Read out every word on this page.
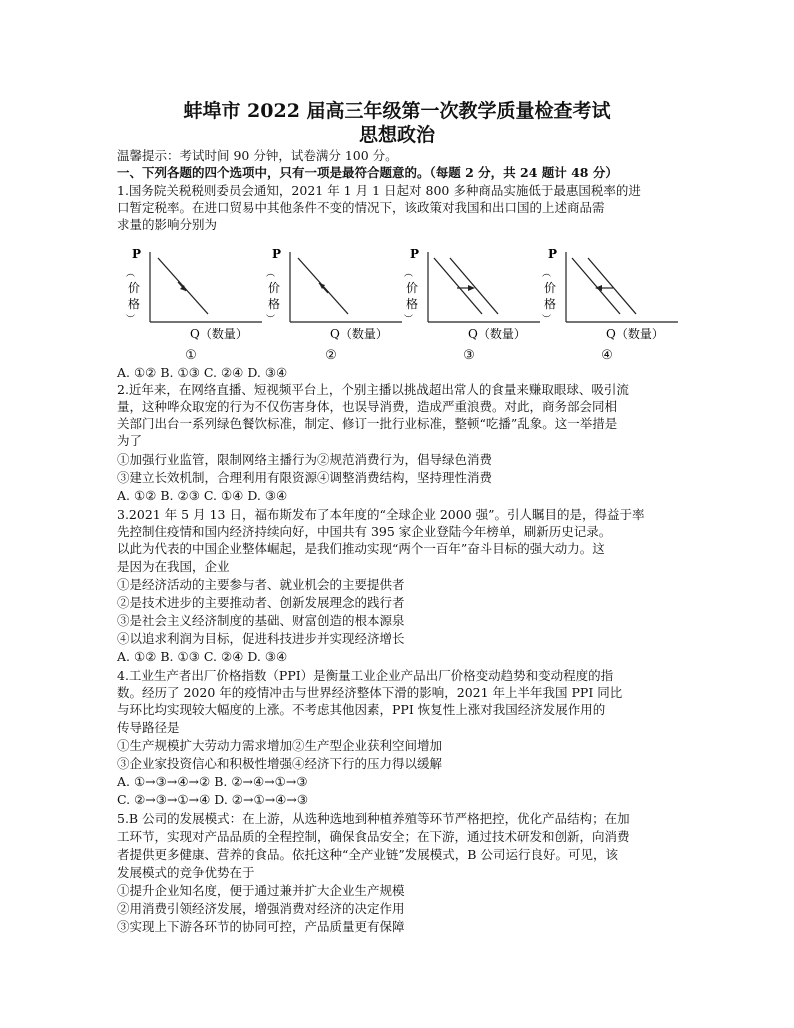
蚌埠市 2022 届高三年级第一次教学质量检查考试
思想政治
温馨提示：考试时间 90 分钟，试卷满分 100 分。
一、下列各题的四个选项中，只有一项是最符合题意的。（每题 2 分，共 24 题计 48 分）
1.国务院关税税则委员会通知，2021 年 1 月 1 日起对 800 多种商品实施低于最惠国税率的进
口暂定税率。在进口贸易中其他条件不变的情况下，该政策对我国和出口国的上述商品需
求量的影响分别为
P
︵
价
格
︶
Q（数量）
P
︵
价
格
︶
Q（数量）
P
︵
价
格
︶
Q（数量）
P
︵
价
格
︶
Q（数量）
①	②	③	④
A. ①② B. ①③ C. ②④ D. ③④
2.近年来，在网络直播、短视频平台上，个别主播以挑战超出常人的食量来赚取眼球、吸引流
量，这种哗众取宠的行为不仅伤害身体，也误导消费，造成严重浪费。对此，商务部会同相
关部门出台一系列绿色餐饮标准，制定、修订一批行业标准，整顿“吃播”乱象。这一举措是
为了
①加强行业监管，限制网络主播行为②规范消费行为，倡导绿色消费
③建立长效机制，合理利用有限资源④调整消费结构，坚持理性消费
A. ①② B. ②③ C. ①④ D. ③④
3.2021 年 5 月 13 日，福布斯发布了本年度的“全球企业 2000 强”。引人瞩目的是，得益于率
先控制住疫情和国内经济持续向好，中国共有 395 家企业登陆今年榜单，刷新历史记录。
以此为代表的中国企业整体崛起，是我们推动实现“两个一百年”奋斗目标的强大动力。这
是因为在我国，企业
①是经济活动的主要参与者、就业机会的主要提供者
②是技术进步的主要推动者、创新发展理念的践行者
③是社会主义经济制度的基础、财富创造的根本源泉
④以追求利润为目标，促进科技进步并实现经济增长
A. ①② B. ①③ C. ②④ D. ③④
4.工业生产者出厂价格指数（PPI）是衡量工业企业产品出厂价格变动趋势和变动程度的指
数。经历了 2020 年的疫情冲击与世界经济整体下滑的影响，2021 年上半年我国 PPI 同比
与环比均实现较大幅度的上涨。不考虑其他因素，PPI 恢复性上涨对我国经济发展作用的
传导路径是
①生产规模扩大劳动力需求增加②生产型企业获利空间增加
③企业家投资信心和积极性增强④经济下行的压力得以缓解
A. ①→③→④→② B. ②→④→①→③
C. ②→③→①→④ D. ②→①→④→③
5.B 公司的发展模式：在上游，从选种选地到种植养殖等环节严格把控，优化产品结构；在加
工环节，实现对产品品质的全程控制，确保食品安全；在下游，通过技术研发和创新，向消费
者提供更多健康、营养的食品。依托这种“全产业链”发展模式，B 公司运行良好。可见，该
发展模式的竞争优势在于
①提升企业知名度，便于通过兼并扩大企业生产规模
②用消费引领经济发展，增强消费对经济的决定作用
③实现上下游各环节的协同可控，产品质量更有保障
